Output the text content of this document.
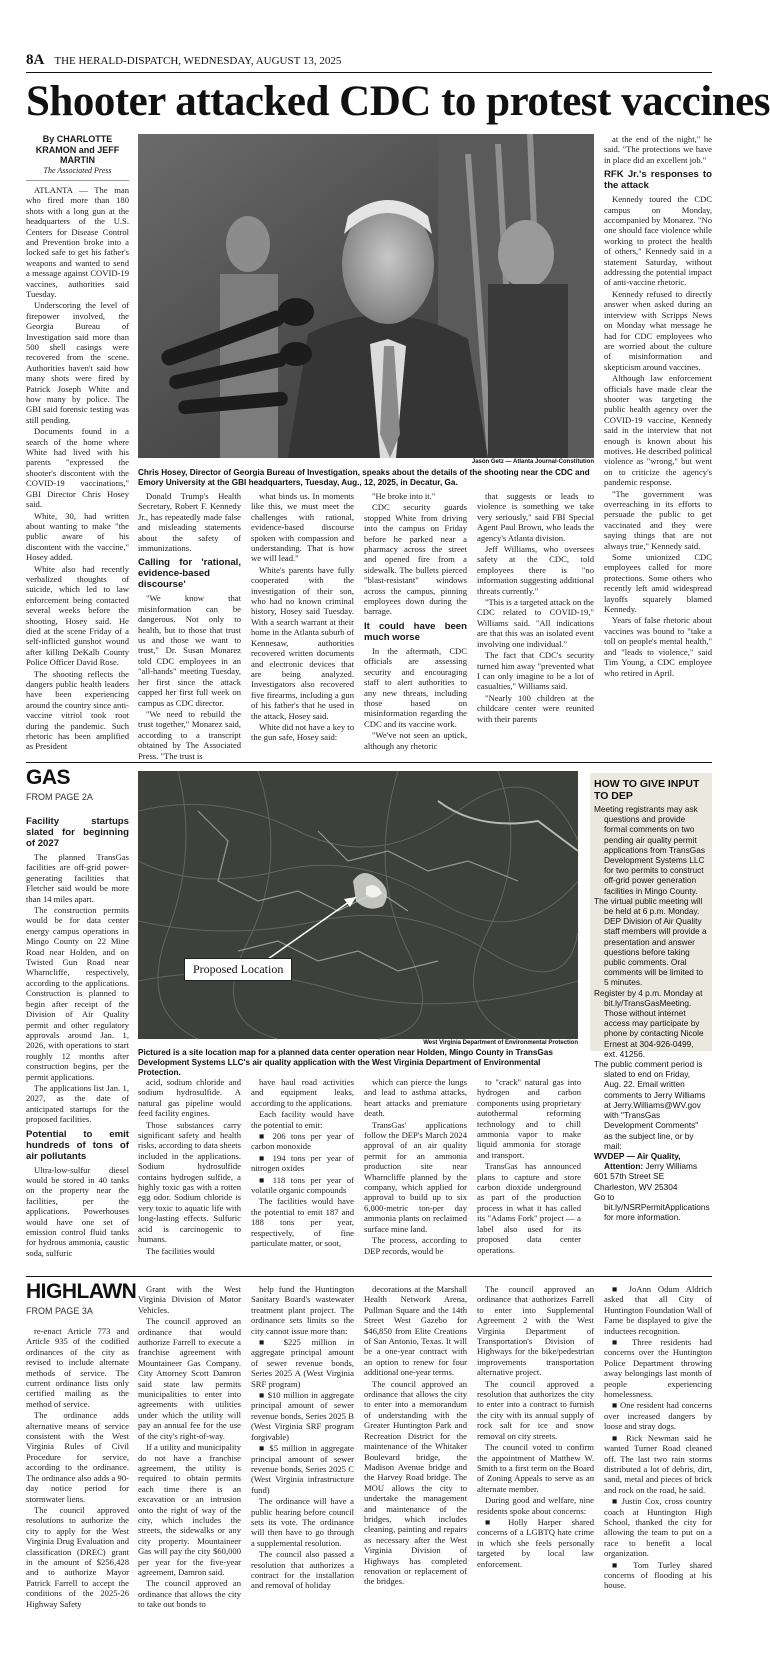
8A THE HERALD-DISPATCH, WEDNESDAY, AUGUST 13, 2025
Shooter attacked CDC to protest vaccines
By CHARLOTTE KRAMON and JEFF MARTIN
The Associated Press

ATLANTA — The man who fired more than 180 shots with a long gun at the headquarters of the U.S. Centers for Disease Control and Prevention broke into a locked safe to get his father's weapons and wanted to send a message against COVID-19 vaccines, authorities said Tuesday.

Underscoring the level of firepower involved, the Georgia Bureau of Investigation said more than 500 shell casings were recovered from the scene. Authorities haven't said how many shots were fired by Patrick Joseph White and how many by police. The GBI said forensic testing was still pending.

Documents found in a search of the home where White had lived with his parents "expressed the shooter's discontent with the COVID-19 vaccinations," GBI Director Chris Hosey said.

White, 30, had written about wanting to make "the public aware of his discontent with the vaccine," Hosey added.

White also had recently verbalized thoughts of suicide, which led to law enforcement being contacted several weeks before the shooting, Hosey said. He died at the scene Friday of a self-inflicted gunshot wound after killing DeKalb County Police Officer David Rose.

The shooting reflects the dangers public health leaders have been experiencing around the country since anti-vaccine vitriol took root during the pandemic. Such rhetoric has been amplified as President

Jason Getz — Atlanta Journal-Constitution
Chris Hosey, Director of Georgia Bureau of Investigation, speaks about the details of the shooting near the CDC and Emory University at the GBI headquarters, Tuesday, Aug., 12, 2025, in Decatur, Ga.

Donald Trump's Health Secretary, Robert F. Kennedy Jr., has repeatedly made false and misleading statements about the safety of immunizations.

Calling for 'rational, evidence-based discourse'

"We know that misinformation can be dangerous. Not only to health, but to those that trust us and those we want to trust," Dr. Susan Monarez told CDC employees in an "all-hands" meeting Tuesday, her first since the attack capped her first full week on campus as CDC director.

"We need to rebuild the trust together," Monarez said, according to a transcript obtained by The Associated Press. "The trust is

what binds us. In moments like this, we must meet the challenges with rational, evidence-based discourse spoken with compassion and understanding. That is how we will lead."

White's parents have fully cooperated with the investigation of their son, who had no known criminal history, Hosey said Tuesday. With a search warrant at their home in the Atlanta suburb of Kennesaw, authorities recovered written documents and electronic devices that are being analyzed. Investigators also recovered five firearms, including a gun of his father's that he used in the attack, Hosey said.

White did not have a key to the gun safe, Hosey said:

"He broke into it."

CDC security guards stopped White from driving into the campus on Friday before he parked near a pharmacy across the street and opened fire from a sidewalk. The bullets pierced "blast-resistant" windows across the campus, pinning employees down during the barrage.

It could have been much worse

In the aftermath, CDC officials are assessing security and encouraging staff to alert authorities to any new threats, including those based on misinformation regarding the CDC and its vaccine work.

"We've not seen an uptick, although any rhetoric

that suggests or leads to violence is something we take very seriously," said FBI Special Agent Paul Brown, who leads the agency's Atlanta division.

Jeff Williams, who oversees safety at the CDC, told employees there is "no information suggesting additional threats currently."

"This is a targeted attack on the CDC related to COVID-19," Williams said. "All indications are that this was an isolated event involving one individual."

The fact that CDC's security turned him away "prevented what I can only imagine to be a lot of casualties," Williams said.

"Nearly 100 children at the childcare center were reunited with their parents

at the end of the night," he said. "The protections we have in place did an excellent job."

RFK Jr.'s responses to the attack

Kennedy toured the CDC campus on Monday, accompanied by Monarez. "No one should face violence while working to protect the health of others," Kennedy said in a statement Saturday, without addressing the potential impact of anti-vaccine rhetoric.

Kennedy refused to directly answer when asked during an interview with Scripps News on Monday what message he had for CDC employees who are worried about the culture of misinformation and skepticism around vaccines.

Although law enforcement officials have made clear the shooter was targeting the public health agency over the COVID-19 vaccine, Kennedy said in the interview that not enough is known about his motives. He described political violence as "wrong," but went on to criticize the agency's pandemic response.

"The government was overreaching in its efforts to persuade the public to get vaccinated and they were saying things that are not always true," Kennedy said.

Some unionized CDC employees called for more protections. Some others who recently left amid widespread layoffs squarely blamed Kennedy.

Years of false rhetoric about vaccines was bound to "take a toll on people's mental health," and "leads to violence," said Tim Young, a CDC employee who retired in April.

GAS
FROM PAGE 2A
Facility startups slated for beginning of 2027

The planned TransGas facilities are off-grid power-generating facilities that Fletcher said would be more than 14 miles apart.

The construction permits would be for data center energy campus operations in Mingo County on 22 Mine Road near Holden, and on Twisted Gun Road near Wharncliffe, respectively, according to the applications. Construction is planned to begin after receipt of the Division of Air Quality permit and other regulatory approvals around Jan. 1, 2026, with operations to start roughly 12 months after construction begins, per the permit applications.

The applications list Jan. 1, 2027, as the date of anticipated startups for the proposed facilities.

Potential to emit hundreds of tons of air pollutants

Ultra-low-sulfur diesel would be stored in 40 tanks on the property near the facilities, per the applications. Powerhouses would have one set of emission control fluid tanks for hydrous ammonia, caustic soda, sulfuric

Proposed Location
West Virginia Department of Environmental Protection
Pictured is a site location map for a planned data center operation near Holden, Mingo County in TransGas Development Systems LLC's air quality application with the West Virginia Department of Environmental Protection.
HOW TO GIVE INPUT TO DEP

Meeting registrants may ask questions and provide formal comments on two pending air quality permit applications from TransGas Development Systems LLC for two permits to construct off-grid power generation facilities in Mingo County.

The virtual public meeting will be held at 6 p.m. Monday. DEP Division of Air Quality staff members will provide a presentation and answer questions before taking public comments. Oral comments will be limited to 5 minutes.

Register by 4 p.m. Monday at bit.ly/TransGasMeeting. Those without internet access may participate by phone by contacting Nicole Ernest at 304-926-0499, ext. 41256.

The public comment period is slated to end on Friday, Aug. 22. Email written comments to Jerry Williams at Jerry.Williams@WV.gov with "TransGas Development Comments" as the subject line, or by mail:

WVDEP — Air Quality, Attention: Jerry Williams

601 57th Street SE

Charleston, WV 25304

Go to bit.ly/NSRPermitApplications for more information.

acid, sodium chloride and sodium hydrosulfide. A natural gas pipeline would feed facility engines.

Those substances carry significant safety and health risks, according to data sheets included in the applications. Sodium hydrosulfide contains hydrogen sulfide, a highly toxic gas with a rotten egg odor. Sodium chloride is very toxic to aquatic life with long-lasting effects. Sulfuric acid is carcinogenic to humans.

The facilities would

have haul road activities and equipment leaks, according to the applications.

Each facility would have the potential to emit:

■ 206 tons per year of carbon monoxide

■ 194 tons per year of nitrogen oxides

■ 118 tons per year of volatile organic compounds

The facilities would have the potential to emit 187 and 188 tons per year, respectively, of fine particulate matter, or soot,

which can pierce the lungs and lead to asthma attacks, heart attacks and premature death.

TransGas' applications follow the DEP's March 2024 approval of an air quality permit for an ammonia production site near Wharncliffe planned by the company, which applied for approval to build up to six 6,000-metric ton-per day ammonia plants on reclaimed surface mine land.

The process, according to DEP records, would be

to "crack" natural gas into hydrogen and carbon components using proprietary autothermal reforming technology and to chill ammonia vapor to make liquid ammonia for storage and transport.

TransGas has announced plans to capture and store carbon dioxide underground as part of the production process in what it has called its "Adams Fork" project — a label also used for its proposed data center operations.

HIGHLAWN
FROM PAGE 3A

re-enact Article 773 and Article 935 of the codified ordinances of the city as revised to include alternate methods of service. The current ordinance lists only certified mailing as the method of service.

The ordinance adds alternative means of service consistent with the West Virginia Rules of Civil Procedure for service, according to the ordinance. The ordinance also adds a 90-day notice period for stormwater liens.

The council approved resolutions to authorize the city to apply for the West Virginia Drug Evaluation and classification (DREC) grant in the amount of $256,428 and to authorize Mayor Patrick Farrell to accept the conditions of the 2025-26 Highway Safety

Grant with the West Virginia Division of Motor Vehicles.

The council approved an ordinance that would authorize Farrell to execute a franchise agreement with Mountaineer Gas Company. City Attorney Scott Damron said state law permits municipalities to enter into agreements with utilities under which the utility will pay an annual fee for the use of the city's right-of-way.

If a utility and municipality do not have a franchise agreement, the utility is required to obtain permits each time there is an excavation or an intrusion onto the right of way of the city, which includes the streets, the sidewalks or any city property. Mountaineer Gas will pay the city $60,000 per year for the five-year agreement, Damron said.

The council approved an ordinance that allows the city to take out bonds to

help fund the Huntington Sanitary Board's wastewater treatment plant project. The ordinance sets limits so the city cannot issue more than:

■ $225 million in aggregate principal amount of sewer revenue bonds, Series 2025 A (West Virginia SRF program)

■ $10 million in aggregate principal amount of sewer revenue bonds, Series 2025 B (West Virginia SRF program forgivable)

■ $5 million in aggregate principal amount of sewer revenue bonds, Series 2025 C (West Virginia infrastructure fund)

The ordinance will have a public hearing before council sets its vote. The ordinance will then have to go through a supplemental resolution.

The council also passed a resolution that authorizes a contract for the installation and removal of holiday

decorations at the Marshall Health Network Arena, Pullman Square and the 14th Street West Gazebo for $46,850 from Elite Creations of San Antonio, Texas. It will be a one-year contract with an option to renew for four additional one-year terms.

The council approved an ordinance that allows the city to enter into a memorandum of understanding with the Greater Huntington Park and Recreation District for the maintenance of the Whitaker Boulevard bridge, the Madison Avenue bridge and the Harvey Road bridge. The MOU allows the city to undertake the management and maintenance of the bridges, which includes cleaning, painting and repairs as necessary after the West Virginia Division of Highways has completed renovation or replacement of the bridges.

The council approved an ordinance that authorizes Farrell to enter into Supplemental Agreement 2 with the West Virginia Department of Transportation's Division of Highways for the bike/pedestrian improvements transportation alternative project.

The council approved a resolution that authorizes the city to enter into a contract to furnish the city with its annual supply of rock salt for ice and snow removal on city streets.

The council voted to confirm the appointment of Matthew W. Smith to a first term on the Board of Zoning Appeals to serve as an alternate member.

During good and welfare, nine residents spoke about concerns:

■ Holly Harper shared concerns of a LGBTQ hate crime in which she feels personally targeted by local law enforcement.

■ JoAnn Odum Aldrich asked that all City of Huntington Foundation Wall of Fame be displayed to give the inductees recognition.

■ Three residents had concerns over the Huntington Police Department throwing away belongings last month of people experiencing homelessness.

■ One resident had concerns over increased dangers by loose and stray dogs.

■ Rick Newman said he wanted Turner Road cleaned off. The last two rain storms distributed a lot of debris, dirt, sand, metal and pieces of brick and rock on the road, he said.

■ Justin Cox, cross country coach at Huntington High School, thanked the city for allowing the team to put on a race to benefit a local organization.

■ Tom Turley shared concerns of flooding at his house.
